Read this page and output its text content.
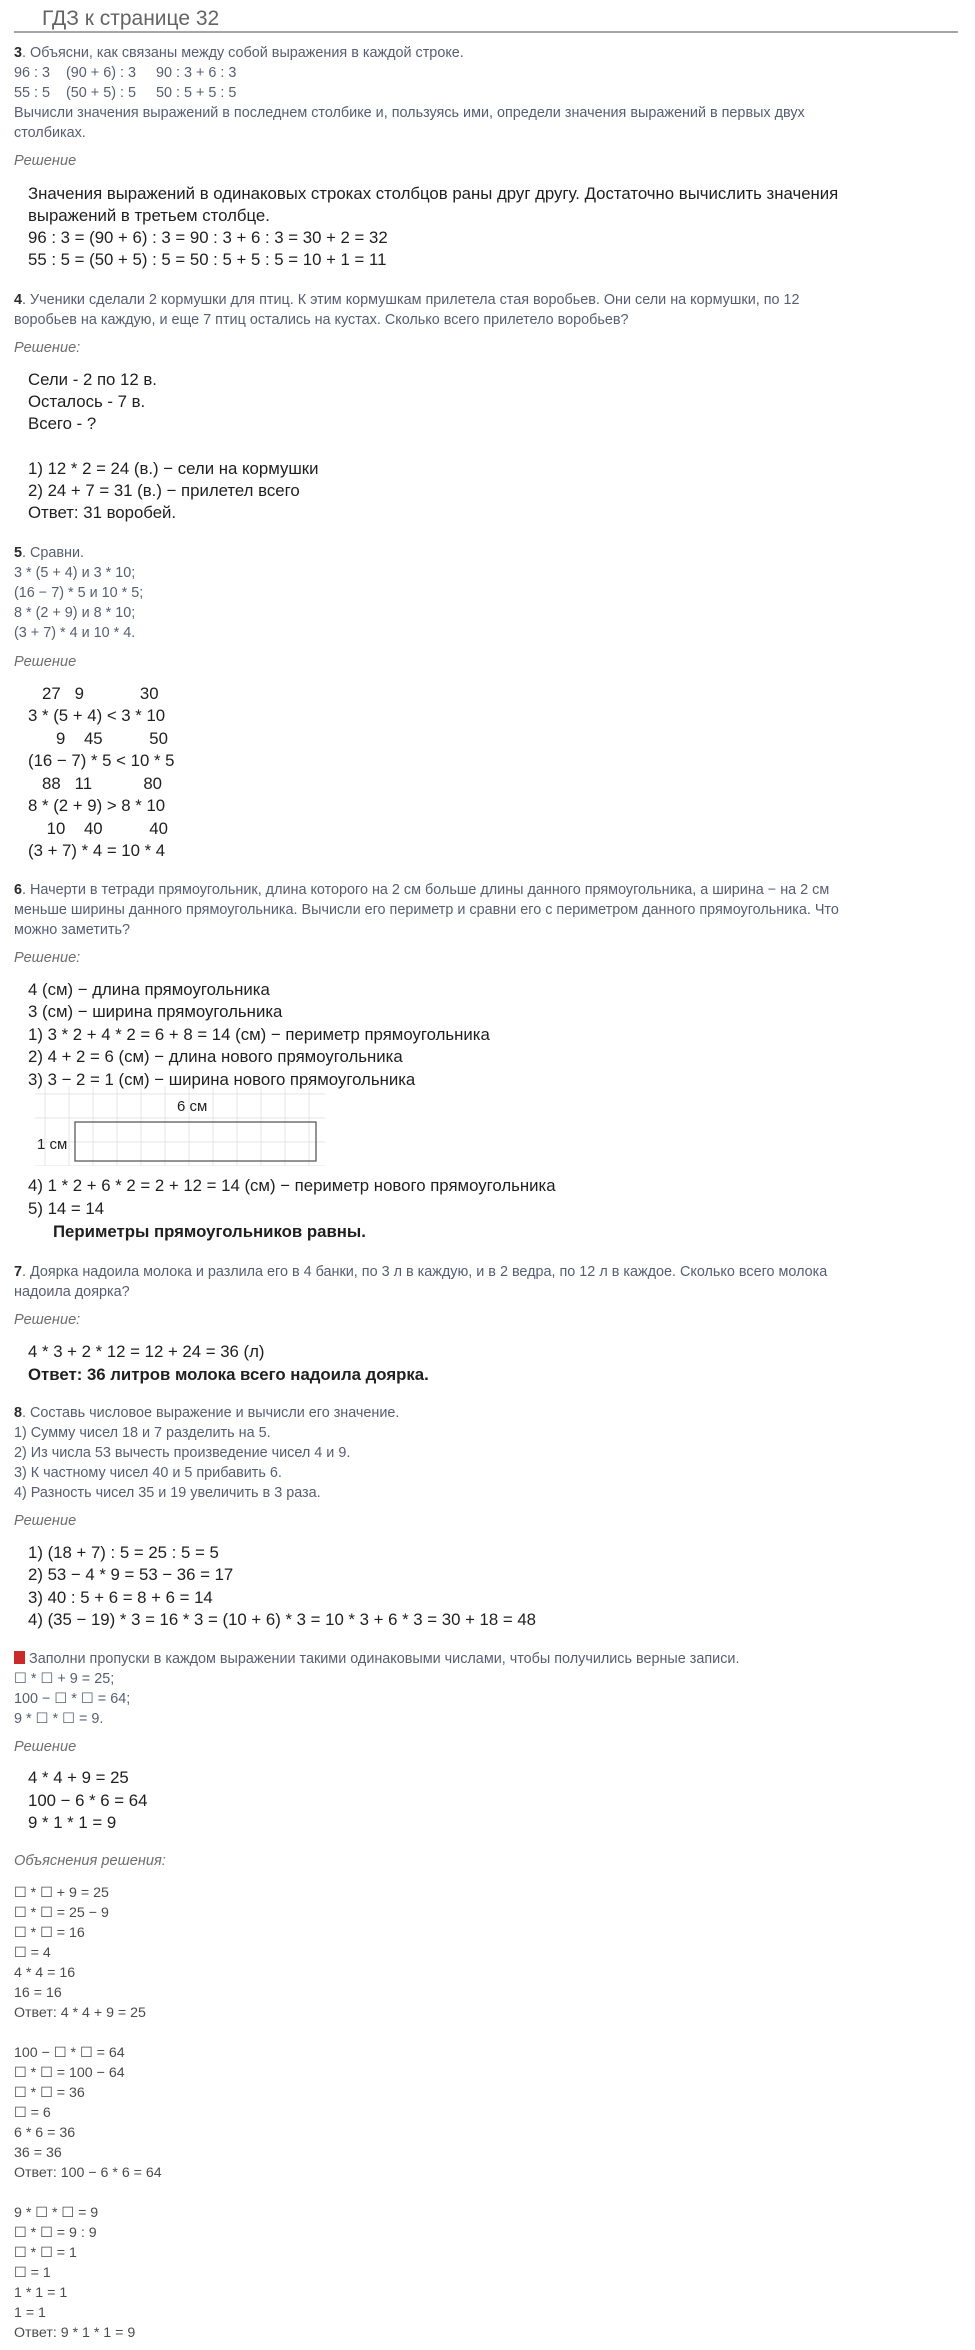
ГДЗ к странице 32
3. Объясни, как связаны между собой выражения в каждой строке.
96 : 3    (90 + 6) : 3     90 : 3 + 6 : 3
55 : 5    (50 + 5) : 5     50 : 5 + 5 : 5
Вычисли значения выражений в последнем столбике и, пользуясь ими, определи значения выражений в первых двух
столбиках.
Решение
Значения выражений в одинаковых строках столбцов раны друг другу. Достаточно вычислить значения
выражений в третьем столбце.
96 : 3 = (90 + 6) : 3 = 90 : 3 + 6 : 3 = 30 + 2 = 32
55 : 5 = (50 + 5) : 5 = 50 : 5 + 5 : 5 = 10 + 1 = 11
4. Ученики сделали 2 кормушки для птиц. К этим кормушкам прилетела стая воробьев. Они сели на кормушки, по 12
воробьев на каждую, и еще 7 птиц остались на кустах. Сколько всего прилетело воробьев?
Решение:
Сели - 2 по 12 в.
Осталось - 7 в.
Всего - ?
1) 12 * 2 = 24 (в.) − сели на кормушки
2) 24 + 7 = 31 (в.) − прилетел всего
Ответ: 31 воробей.
5. Сравни.
3 * (5 + 4) и 3 * 10;
(16 − 7) * 5 и 10 * 5;
8 * (2 + 9) и 8 * 10;
(3 + 7) * 4 и 10 * 4.
Решение
27   9            30
3 * (5 + 4) < 3 * 10
9    45          50
(16 − 7) * 5 < 10 * 5
88   11           80
8 * (2 + 9) > 8 * 10
10    40          40
(3 + 7) * 4 = 10 * 4
6. Начерти в тетради прямоугольник, длина которого на 2 см больше длины данного прямоугольника, а ширина − на 2 см
меньше ширины данного прямоугольника. Вычисли его периметр и сравни его с периметром данного прямоугольника. Что
можно заметить?
Решение:
4 (см) − длина прямоугольника
3 (см) − ширина прямоугольника
1) 3 * 2 + 4 * 2 = 6 + 8 = 14 (см) − периметр прямоугольника
2) 4 + 2 = 6 (см) − длина нового прямоугольника
3) 3 − 2 = 1 (см) − ширина нового прямоугольника
6 см
1 см
4) 1 * 2 + 6 * 2 = 2 + 12 = 14 (см) − периметр нового прямоугольника
5) 14 = 14
Периметры прямоугольников равны.
7. Доярка надоила молока и разлила его в 4 банки, по 3 л в каждую, и в 2 ведра, по 12 л в каждое. Сколько всего молока
надоила доярка?
Решение:
4 * 3 + 2 * 12 = 12 + 24 = 36 (л)
Ответ: 36 литров молока всего надоила доярка.
8. Составь числовое выражение и вычисли его значение.
1) Сумму чисел 18 и 7 разделить на 5.
2) Из числа 53 вычесть произведение чисел 4 и 9.
3) К частному чисел 40 и 5 прибавить 6.
4) Разность чисел 35 и 19 увеличить в 3 раза.
Решение
1) (18 + 7) : 5 = 25 : 5 = 5
2) 53 − 4 * 9 = 53 − 36 = 17
3) 40 : 5 + 6 = 8 + 6 = 14
4) (35 − 19) * 3 = 16 * 3 = (10 + 6) * 3 = 10 * 3 + 6 * 3 = 30 + 18 = 48
Заполни пропуски в каждом выражении такими одинаковыми числами, чтобы получились верные записи.
☐ * ☐ + 9 = 25;
100 − ☐ * ☐ = 64;
9 * ☐ * ☐ = 9.
Решение
4 * 4 + 9 = 25
100 − 6 * 6 = 64
9 * 1 * 1 = 9
Объяснения решения:
☐ * ☐ + 9 = 25
☐ * ☐ = 25 − 9
☐ * ☐ = 16
☐ = 4
4 * 4 = 16
16 = 16
Ответ: 4 * 4 + 9 = 25
100 − ☐ * ☐ = 64
☐ * ☐ = 100 − 64
☐ * ☐ = 36
☐ = 6
6 * 6 = 36
36 = 36
Ответ: 100 − 6 * 6 = 64
9 * ☐ * ☐ = 9
☐ * ☐ = 9 : 9
☐ * ☐ = 1
☐ = 1
1 * 1 = 1
1 = 1
Ответ: 9 * 1 * 1 = 9
